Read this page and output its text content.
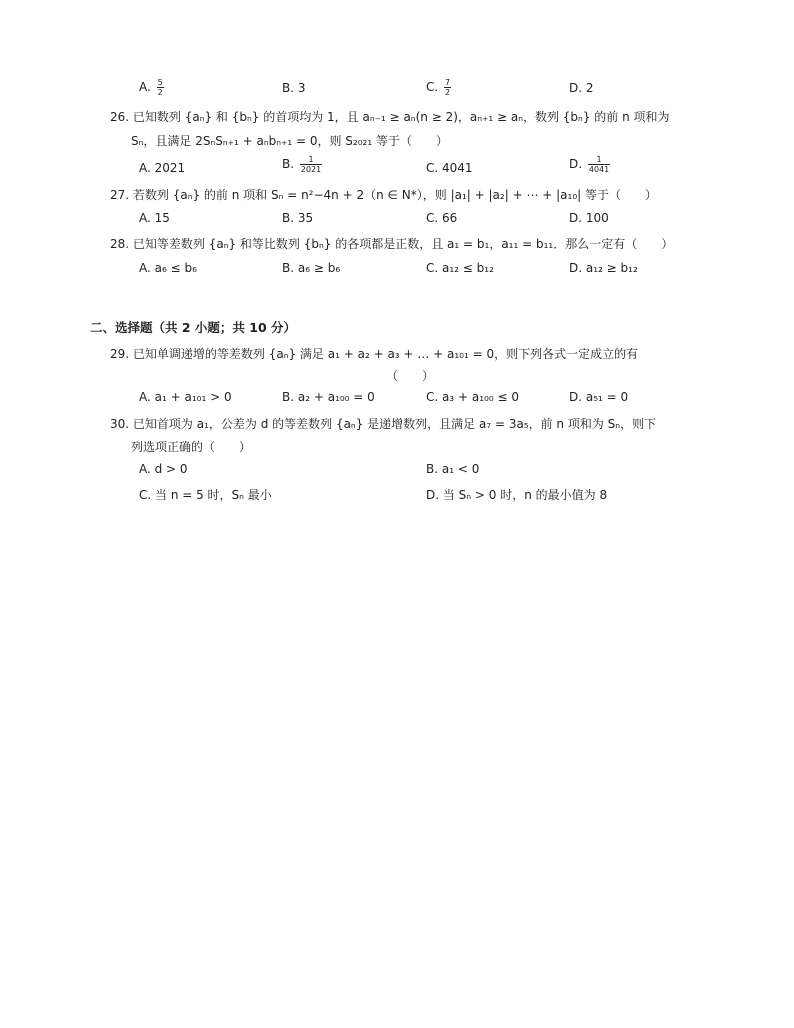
A. $\frac{5}{2}$	B. 3	C. $\frac{7}{2}$	D. 2
26. 已知数列 {aₙ} 和 {bₙ} 的首项均为 1，且 aₙ₋₁ ≥ aₙ(n ≥ 2)，aₙ₊₁ ≥ aₙ，数列 {bₙ} 的前 n 项和为
Sₙ，且满足 2SₙSₙ₊₁ + aₙbₙ₊₁ = 0，则 S₂₀₂₁ 等于（　　）
A. 2021	B. $\frac{1}{2021}$	C. 4041	D. $\frac{1}{4041}$
27. 若数列 {aₙ} 的前 n 项和 Sₙ = n²−4n + 2（n ∈ N*），则 |a₁| + |a₂| + ⋯ + |a₁₀| 等于（　　）
A. 15	B. 35	C. 66	D. 100
28. 已知等差数列 {aₙ} 和等比数列 {bₙ} 的各项都是正数，且 a₁ = b₁，a₁₁ = b₁₁．那么一定有（　　）
A. a₆ ≤ b₆	B. a₆ ≥ b₆	C. a₁₂ ≤ b₁₂	D. a₁₂ ≥ b₁₂
二、选择题（共 2 小题；共 10 分）
29. 已知单调递增的等差数列 {aₙ} 满足 a₁ + a₂ + a₃ + … + a₁₀₁ = 0，则下列各式一定成立的有
（　　）
A. a₁ + a₁₀₁ > 0	B. a₂ + a₁₀₀ = 0	C. a₃ + a₁₀₀ ≤ 0	D. a₅₁ = 0
30. 已知首项为 a₁，公差为 d 的等差数列 {aₙ} 是递增数列，且满足 a₇ = 3a₅，前 n 项和为 Sₙ，则下
列选项正确的（　　）
A. d > 0	B. a₁ < 0
C. 当 n = 5 时，Sₙ 最小	D. 当 Sₙ > 0 时，n 的最小值为 8
